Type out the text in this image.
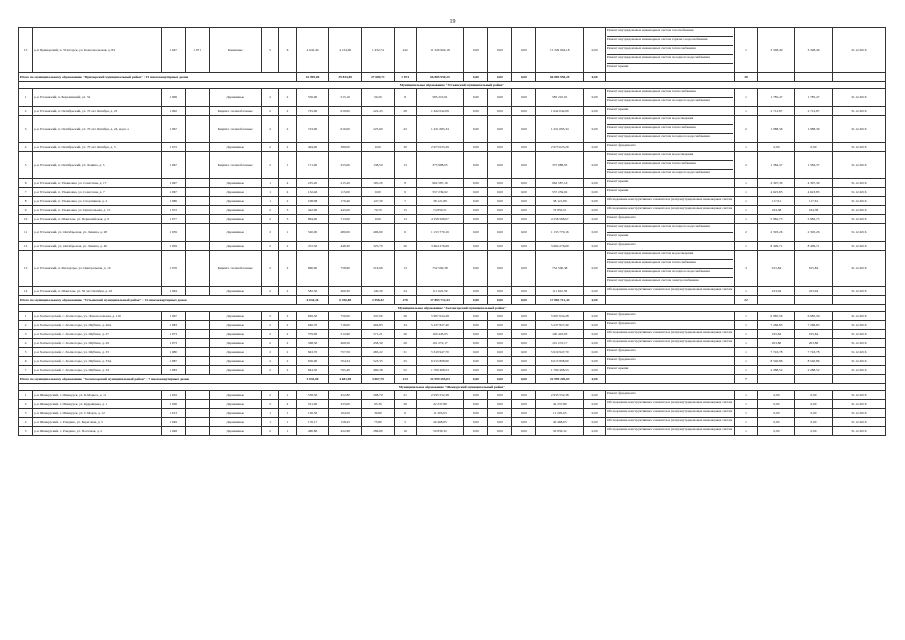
19
15	р-н Приморский, п. Углегорск, ул. Комсомольская, д. 84	1 947	1 971	Каменные	5	6	4 042,40	4 154,00	1 432,74	242	11 329 904,18	0,00	0,00	0,00	11 329 904,18	0,00	Ремонт внутридомовых инженерных систем газоснабжения
Ремонт внутридомовых инженерных систем горячего водоснабжения
Ремонт внутридомовых инженерных систем теплоснабжения
Ремонт внутридомовых инженерных систем холодного водоснабжения
Ремонт крыши	1	3 348,49	3 348,49	31.12.2016
Итого по муниципальному образованию "Приморский муниципальный район" : 15 многоквартирных домов							42 099,00	39 834,09	27 689,71	1 874	66 885 950,25	0,00	0,00	0,00	66 885 950,25	0,00		38			
Муниципальное образование "Устьянский муниципальный район"																					
1	р-н Устьянский, п. Березницкий, ул. 32	1 969		Деревянные	2	2	550,00	515,10	50,20	8	585 210,91	0,00	0,00	0,00	585 210,91	0,00	Ремонт внутридомовых инженерных систем теплоснабжения
Ремонт внутридомовых инженерных систем холодного водоснабжения	1	1 785,47	1 785,47	31.12.2016
2	р-н Устьянский, п. Октябрьский, ул. 70 лет Октября, д. 23	1 962		Кирпич / шлакоблочные	2	2	725,00	619,00	222,43	28	1 642 042,09	0,00	0,00	0,00	1 642 042,09	0,00	Ремонт крыши	1	2 712,87	2 712,87	31.12.2016
3	р-н Устьянский, п. Октябрьский, ул. 70 лет Октября, д. 24, корп. а	1 967		Кирпич / шлакоблочные	2	2	723,00	610,00	225,90	43	1 431 685,34	0,00	0,00	0,00	1 431 685,34	0,00	Ремонт внутридомовых инженерных систем водоотведения
Ремонт внутридомовых инженерных систем теплоснабжения
Ремонт внутридомовых инженерных систем холодного водоснабжения	2	1 988,36	1 988,36	31.12.2016
4	р-н Устьянский, п. Октябрьский, ул. 70 лет Октября, д. 5	1 972		Деревянные	2	2	464,00	389,00	0,00	30	2 973 023,29	0,00	0,00	0,00	2 973 023,29	0,00	Ремонт фундамента	1	0,00	0,00	31.12.2016
5	р-н Устьянский, п. Октябрьский, ул. Ленина, д. 5	1 967		Кирпич / шлакоблочные	2	1	171,00	255,00	138,50	13	375 988,05	0,00	0,00	0,00	375 988,05	0,00	Ремонт внутридомовых инженерных систем водоотведения
Ремонт внутридомовых инженерных систем теплоснабжения
Ремонт внутридомовых инженерных систем холодного водоснабжения	2	1 384,37	1 384,37	31.12.2016
6	р-н Устьянский, п. Ульяновка, ул. Советская, д. 17	1 967		Деревянные	1	4	235,20	215,20	195,20	8	962 587,16	0,00	0,00	0,00	962 587,16	0,00	Ремонт крыши	1	4 397,39	4 397,39	31.12.2016
7	р-н Устьянский, п. Ульяновка, ул. Советская, д. 7	1 967		Деревянные	1	4	132,46	115,00	0,00	9	557 239,02	0,00	0,00	0,00	557 239,02	0,00	Ремонт крыши	1	4 623,83	4 623,83	31.12.2016
8	р-н Устьянский, п. Ульяновка, ул. Спортивная, д. 2	1 986		Деревянные	1	2	198,98	179,46	147,30	7	38 121,89	0,00	0,00	0,00	38 121,89	0,00	Обследование конструктивных элементов и (или) внутридомовых инженерных систем	1	117,61	117,61	31.12.2016
9	р-н Устьянский, п. Ульяновка, ул. Центральная, д. 15	1 972		Деревянные	2	3	442,00	445,00	70,70	15	74 850,51	0,00	0,00	0,00	74 850,51	0,00	Обследование конструктивных элементов и (или) внутридомовых инженерных систем	1	164,38	164,38	31.12.2016
10	р-н Устьянский, п. Шангалы, ул. Первомайская, д. 9	1 977		Деревянные	2	3	864,00	713,00	0,00	13	4 258 568,07	0,00	0,00	0,00	4 258 568,07	0,00	Ремонт фундамента	1	5 982,73	5 982,73	31.12.2016
11	р-н Устьянский, ул. Октябрьская, ул. Ленина, д. 28	1 959		Деревянные	2	1	520,00	480,00	406,90	6	1 153 770,16	0,00	0,00	0,00	1 153 770,16	0,00	Ремонт внутридомовых инженерных систем холодного водоснабжения
Ремонт крыши	2	2 393,26	2 393,26	31.12.2016
12	р-н Устьянский, ул. Октябрьская, ул. Ленина, д. 40	1 959		Деревянные	2	2	472,30	448,30	325,70	20	3 664 276,69	0,00	0,00	0,00	3 664 276,69	0,00	Ремонт фундамента	1	8 409,71	8 409,71	31.12.2016
13	р-н Устьянский, п. Малодоры, ул. Центральная, д. 10	1 976		Кирпич / шлакоблочные	2	2	860,00	758,90	516,90	13	752 500,38	0,00	0,00	0,00	752 500,38	0,00	Ремонт внутридомовых инженерных систем водоотведения
Ремонт внутридомовых инженерных систем теплоснабжения
Ремонт внутридомовых инженерных систем холодного водоснабжения
Ремонт внутридомовых инженерных систем электроснабжения	3	915,84	915,84	31.12.2016
14	р-н Устьянский, п. Шангалы, ул. 50 лет Октября, д. 43	1 964		Деревянные	2	2	582,30	469,30	140,30	24	111 622,59	0,00	0,00	0,00	111 622,59	0,00	Обследование конструктивных элементов и (или) внутридомовых инженерных систем	1	223,94	223,94	31.12.2016
Итого по муниципальному образованию "Устьянский муниципальный район" : 14 многоквартирных домов							6 634,20	6 356,80	2 598,42	278	17 883 712,44	0,00	0,00	0,00	17 883 712,44	0,00		22			
Муниципальное образование "Холмогорский муниципальный район"																					
1	р-н Холмогорский, с. Холмогоры, ул. Ломоносовская, д. 116	1 967		Деревянные	2	2	849,50	750,00	347,00	26	5 997 024,28	0,00	0,00	0,00	5 997 024,28	0,00	Ремонт фундамента	1	6 985,59	6 985,59	31.12.2016
2	р-н Холмогорский, с. Холмогоры, ул. Шубина, д. 26А	1 983		Деревянные	2	2	646,70	718,00	404,83	34	5 237 827,40	0,00	0,00	0,00	5 237 827,40	0,00	Ремонт фундамента	1	7 266,83	7 266,83	31.12.2016
3	р-н Холмогорский, с. Холмогоры, ул. Шубина, д. 27	1 973		Деревянные	2	2	579,90	512,90	571,21	26	100 443,03	0,00	0,00	0,00	100 443,03	0,00	Обследование конструктивных элементов и (или) внутридомовых инженерных систем	1	195,84	195,84	31.12.2016
4	р-н Холмогорский, с. Холмогоры, ул. Шубина, д. 29	1 973		Деревянные	2	2	568,30	469,50	458,39	26	101 272,17	0,00	0,00	0,00	101 272,17	0,00	Обследование конструктивных элементов и (или) внутридомовых инженерных систем	1	203,86	203,86	31.12.2016
5	р-н Холмогорский, с. Холмогоры, ул. Шубина, д. 33	1 980		Деревянные	2	2	843,70	757,59	483,22	31	5 619 947,70	0,00	0,00	0,00	5 619 947,70	0,00	Ремонт фундамента	1	7 743,78	7 743,78	31.12.2016
6	р-н Холмогорский, с. Холмогоры, ул. Шубина, д. 33А	1 987		Деревянные	2	2	636,90	704,34	523,35	25	6 015 808,60	0,00	0,00	0,00	6 015 808,60	0,00	Ремонт фундамента	1	8 540,86	8 540,86	31.12.2016
7	р-н Холмогорский, с. Холмогоры, ул. Шубина, д. 34	1 983		Деревянные	2	2	844,30	765,40	469,38	52	1 769 408,53	0,00	0,00	0,00	1 769 408,53	0,00	Ремонт крыши	1	2 288,52	2 288,52	31.12.2016
Итого по муниципальному образованию "Холмогорский муниципальный район" : 7 многоквартирных домов							5 033,00	4 681,90	3 067,79	214	22 999 205,03	0,00	0,00	0,00	22 999 205,03	0,00		7			
Муниципальное образование "Шенкурский муниципальный район"																					
1	р-н Шенкурский, г. Шенкурск, ул. К.Маркса, д. 11	1 932		Деревянные	2	1	538,30	452,80	208,70	21	2 935 552,38	0,00	0,00	0,00	2 935 552,38	0,00	Ремонт фундамента	1	0,00	0,00	31.12.2016
2	р-н Шенкурский, г. Шенкурск, ул. Кудрявцева, д. 1	1 936		Деревянные	2	4	521,00	325,00	95,30	29	42 237,89	0,00	0,00	0,00	42 237,89	0,00	Обследование конструктивных элементов и (или) внутридомовых инженерных систем	1	0,00	0,00	31.12.2016
3	р-н Шенкурский, г. Шенкурск, ул. С.Марта, д. 12	1 913		Деревянные	1	1	136,50	104,50	30,80	6	11 205,03	0,00	0,00	0,00	11 205,03	0,00	Обследование конструктивных элементов и (или) внутридомовых инженерных систем	1	0,00	0,00	31.12.2016
4	р-н Шенкурский, с. Ровдино, ул. Береговая, д. 5	1 949		Деревянные	1	1	176,17	158,43	75,80	5	40 468,65	0,00	0,00	0,00	40 468,65	0,00	Обследование конструктивных элементов и (или) внутридомовых инженерных систем	1	0,00	0,00	31.12.2016
5	р-н Шенкурский, с. Ровдино, ул. Почтовая, д. 2	1 948		Деревянные	2	1	480,86	422,98	286,80	16	50 839,32	0,00	0,00	0,00	50 839,32	0,00	Обследование конструктивных элементов и (или) внутридомовых инженерных систем	1	0,00	0,00	31.12.2016
